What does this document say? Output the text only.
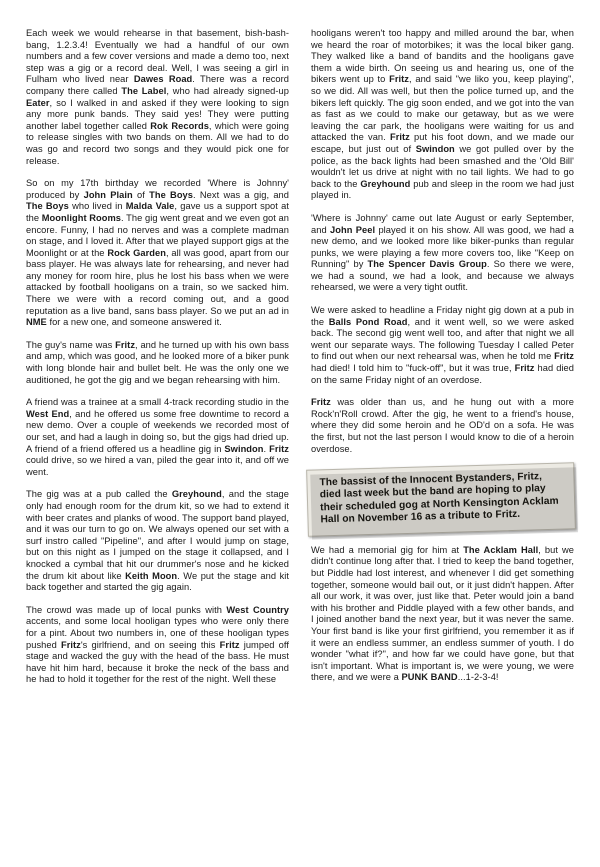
Each week we would rehearse in that basement, bish-bash-bang, 1.2.3.4! Eventually we had a handful of our own numbers and a few cover versions and made a demo too, next step was a gig or a record deal. Well, I was seeing a girl in Fulham who lived near Dawes Road. There was a record company there called The Label, who had already signed-up Eater, so I walked in and asked if they were looking to sign any more punk bands. They said yes! They were putting another label together called Rok Records, which were going to release singles with two bands on them. All we had to do was go and record two songs and they would pick one for release.

So on my 17th birthday we recorded 'Where is Johnny' produced by John Plain of The Boys. Next was a gig, and The Boys who lived in Malda Vale, gave us a support spot at the Moonlight Rooms. The gig went great and we even got an encore. Funny, I had no nerves and was a complete madman on stage, and I loved it. After that we played support gigs at the Moonlight or at the Rock Garden, all was good, apart from our bass player. He was always late for rehearsing, and never had any money for room hire, plus he lost his bass when we were attacked by football hooligans on a train, so we sacked him. There we were with a record coming out, and a good reputation as a live band, sans bass player. So we put an ad in NME for a new one, and someone answered it.

The guy's name was Fritz, and he turned up with his own bass and amp, which was good, and he looked more of a biker punk with long blonde hair and bullet belt. He was the only one we auditioned, he got the gig and we began rehearsing with him.

A friend was a trainee at a small 4-track recording studio in the West End, and he offered us some free downtime to record a new demo. Over a couple of weekends we recorded most of our set, and had a laugh in doing so, but the gigs had dried up. A friend of a friend offered us a headline gig in Swindon. Fritz could drive, so we hired a van, piled the gear into it, and off we went.

The gig was at a pub called the Greyhound, and the stage only had enough room for the drum kit, so we had to extend it with beer crates and planks of wood. The support band played, and it was our turn to go on. We always opened our set with a surf instro called "Pipeline", and after I would jump on stage, but on this night as I jumped on the stage it collapsed, and I knocked a cymbal that hit our drummer's nose and he kicked the drum kit about like Keith Moon. We put the stage and kit back together and started the gig again.

The crowd was made up of local punks with West Country accents, and some local hooligan types who were only there for a pint. About two numbers in, one of these hooligan types pushed Fritz's girlfriend, and on seeing this Fritz jumped off stage and wacked the guy with the head of the bass. He must have hit him hard, because it broke the neck of the bass and he had to hold it together for the rest of the night. Well these

hooligans weren't too happy and milled around the bar, when we heard the roar of motorbikes; it was the local biker gang. They walked like a band of bandits and the hooligans gave them a wide birth. On seeing us and hearing us, one of the bikers went up to Fritz, and said "we liko you, keep playing", so we did. All was well, but then the police turned up, and the bikers left quickly. The gig soon ended, and we got into the van as fast as we could to make our getaway, but as we were leaving the car park, the hooligans were waiting for us and attacked the van. Fritz put his foot down, and we made our escape, but just out of Swindon we got pulled over by the police, as the back lights had been smashed and the 'Old Bill' wouldn't let us drive at night with no tail lights. We had to go back to the Greyhound pub and sleep in the room we had just played in.

'Where is Johnny' came out late August or early September, and John Peel played it on his show. All was good, we had a new demo, and we looked more like biker-punks than regular punks, we were playing a few more covers too, like "Keep on Running" by The Spencer Davis Group. So there we were, we had a sound, we had a look, and because we always rehearsed, we were a very tight outfit.

We were asked to headline a Friday night gig down at a pub in the Balls Pond Road, and it went well, so we were asked back. The second gig went well too, and after that night we all went our separate ways. The following Tuesday I called Peter to find out when our next rehearsal was, when he told me Fritz had died! I told him to "fuck-off", but it was true, Fritz had died on the same Friday night of an overdose.

Fritz was older than us, and he hung out with a more Rock'n'Roll crowd. After the gig, he went to a friend's house, where they did some heroin and he OD'd on a sofa. He was the first, but not the last person I would know to die of a heroin overdose.

The bassist of the Innocent Bystanders, Fritz, died last week but the band are hoping to play their scheduled gog at North Kensington Acklam Hall on November 16 as a tribute to Fritz.

We had a memorial gig for him at The Acklam Hall, but we didn't continue long after that. I tried to keep the band together, but Piddle had lost interest, and whenever I did get something together, someone would bail out, or it just didn't happen. After all our work, it was over, just like that. Peter would join a band with his brother and Piddle played with a few other bands, and I joined another band the next year, but it was never the same. Your first band is like your first girlfriend, you remember it as if it were an endless summer, an endless summer of youth. I do wonder "what if?", and how far we could have gone, but that isn't important. What is important is, we were young, we were there, and we were a PUNK BAND...1-2-3-4!
